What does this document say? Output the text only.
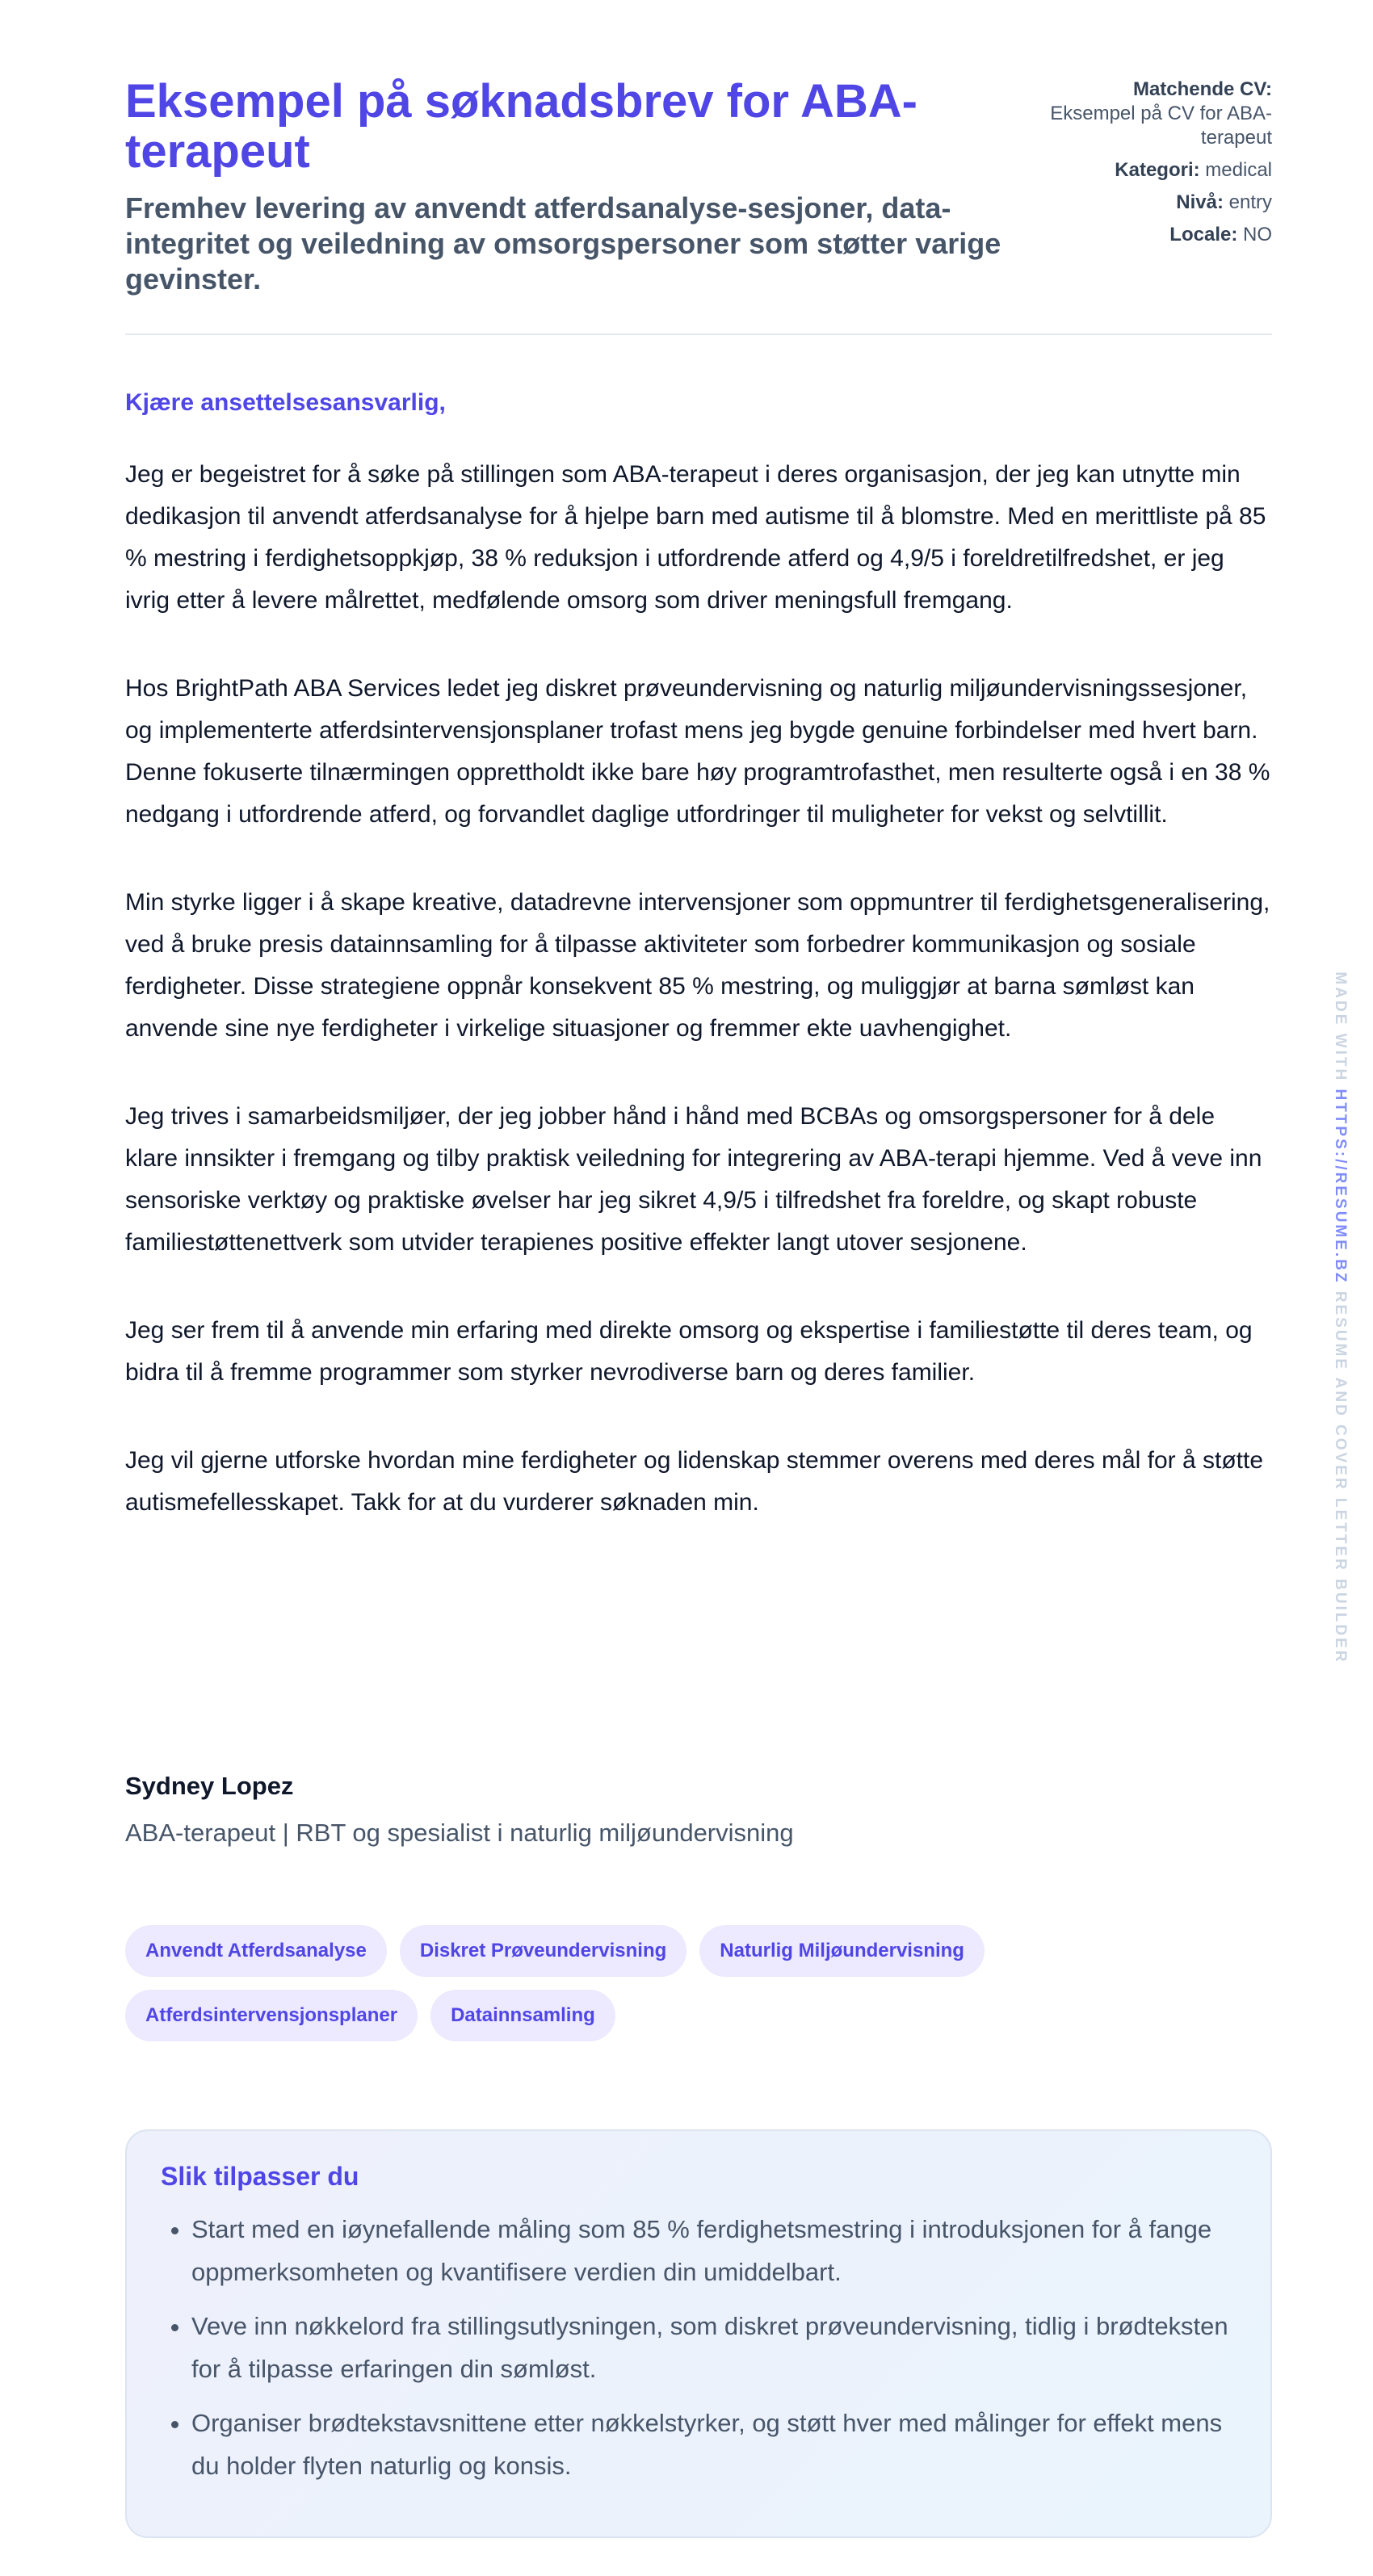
Eksempel på søknadsbrev for ABA-terapeut

Fremhev levering av anvendt atferdsanalyse-sesjoner, data-integritet og veiledning av omsorgspersoner som støtter varige gevinster.

Matchende CV:
Eksempel på CV for ABA-terapeut
Kategori: medical
Nivå: entry
Locale: NO

Kjære ansettelsesansvarlig,

Jeg er begeistret for å søke på stillingen som ABA-terapeut i deres organisasjon, der jeg kan utnytte min dedikasjon til anvendt atferdsanalyse for å hjelpe barn med autisme til å blomstre. Med en merittliste på 85 % mestring i ferdighetsoppkjøp, 38 % reduksjon i utfordrende atferd og 4,9/5 i foreldretilfredshet, er jeg ivrig etter å levere målrettet, medfølende omsorg som driver meningsfull fremgang.

Hos BrightPath ABA Services ledet jeg diskret prøveundervisning og naturlig miljøundervisningssesjoner, og implementerte atferdsintervensjonsplaner trofast mens jeg bygde genuine forbindelser med hvert barn. Denne fokuserte tilnærmingen opprettholdt ikke bare høy programtrofasthet, men resulterte også i en 38 % nedgang i utfordrende atferd, og forvandlet daglige utfordringer til muligheter for vekst og selvtillit.

Min styrke ligger i å skape kreative, datadrevne intervensjoner som oppmuntrer til ferdighetsgeneralisering, ved å bruke presis datainnsamling for å tilpasse aktiviteter som forbedrer kommunikasjon og sosiale ferdigheter. Disse strategiene oppnår konsekvent 85 % mestring, og muliggjør at barna sømløst kan anvende sine nye ferdigheter i virkelige situasjoner og fremmer ekte uavhengighet.

Jeg trives i samarbeidsmiljøer, der jeg jobber hånd i hånd med BCBAs og omsorgspersoner for å dele klare innsikter i fremgang og tilby praktisk veiledning for integrering av ABA-terapi hjemme. Ved å veve inn sensoriske verktøy og praktiske øvelser har jeg sikret 4,9/5 i tilfredshet fra foreldre, og skapt robuste familiestøttenettverk som utvider terapienes positive effekter langt utover sesjonene.

Jeg ser frem til å anvende min erfaring med direkte omsorg og ekspertise i familiestøtte til deres team, og bidra til å fremme programmer som styrker nevrodiverse barn og deres familier.

Jeg vil gjerne utforske hvordan mine ferdigheter og lidenskap stemmer overens med deres mål for å støtte autismefellesskapet. Takk for at du vurderer søknaden min.

Sydney Lopez
ABA-terapeut | RBT og spesialist i naturlig miljøundervisning
Anvendt Atferdsanalyse	Diskret Prøveundervisning	Naturlig Miljøundervisning
Atferdsintervensjonsplaner	Datainnsamling
Slik tilpasser du
• Start med en iøynefallende måling som 85 % ferdighetsmestring i introduksjonen for å fange oppmerksomheten og kvantifisere verdien din umiddelbart.
• Veve inn nøkkelord fra stillingsutlysningen, som diskret prøveundervisning, tidlig i brødteksten for å tilpasse erfaringen din sømløst.
• Organiser brødtekstavsnittene etter nøkkelstyrker, og støtt hver med målinger for effekt mens du holder flyten naturlig og konsis.
MADE WITH HTTPS://RESUME.BZ RESUME AND COVER LETTER BUILDER
